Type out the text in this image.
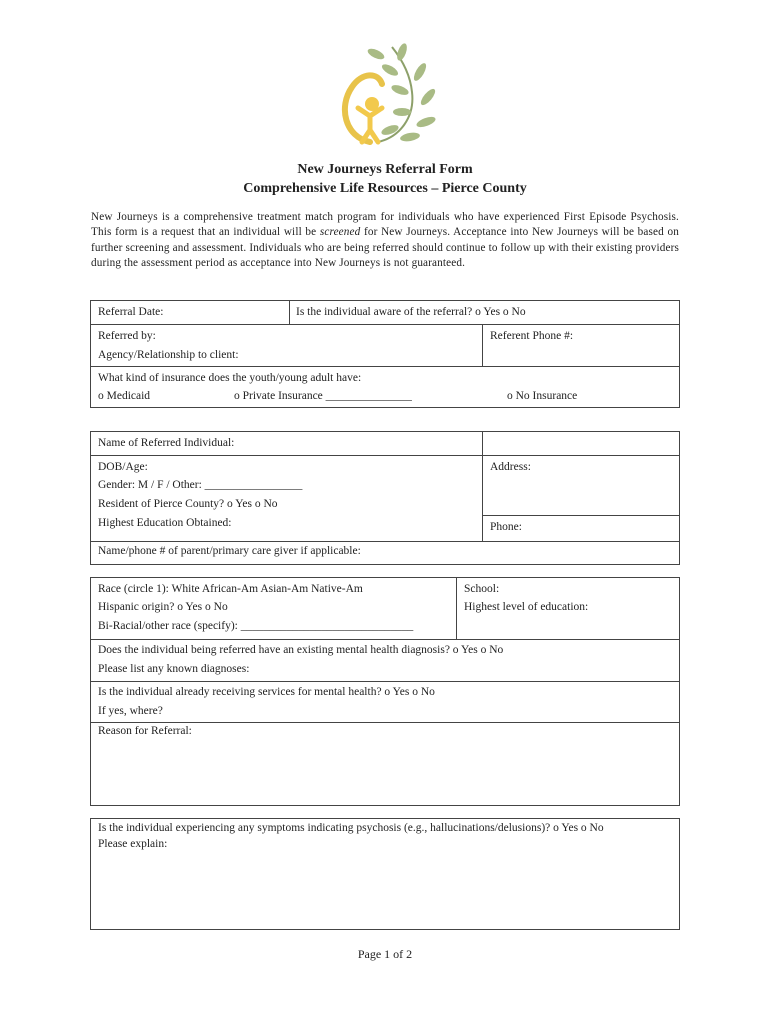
New Journeys Referral Form
Comprehensive Life Resources – Pierce County
New Journeys is a comprehensive treatment match program for individuals who have experienced First Episode Psychosis. This form is a request that an individual will be screened for New Journeys. Acceptance into New Journeys will be based on further screening and assessment. Individuals who are being referred should continue to follow up with their existing providers during the assessment period as acceptance into New Journeys is not guaranteed.
Referral Date:	Is the individual aware of the referral? o Yes o No
Referred by:	Referent Phone #:
Agency/Relationship to client:
What kind of insurance does the youth/young adult have:
o Medicaid	o Private Insurance _______________	o No Insurance
Name of Referred Individual:
DOB/Age:	Address:
Gender: M / F / Other: _________________
Resident of Pierce County? o Yes o No
Highest Education Obtained:	Phone:
Name/phone # of parent/primary care giver if applicable:
Race (circle 1): White African-Am Asian-Am Native-Am	School:
Hispanic origin? o Yes o No	Highest level of education:
Bi-Racial/other race (specify): ______________________________
Does the individual being referred have an existing mental health diagnosis? o Yes o No
Please list any known diagnoses:
Is the individual already receiving services for mental health? o Yes o No
If yes, where?
Reason for Referral:
Is the individual experiencing any symptoms indicating psychosis (e.g., hallucinations/delusions)? o Yes o No
Please explain:
Page 1 of 2
